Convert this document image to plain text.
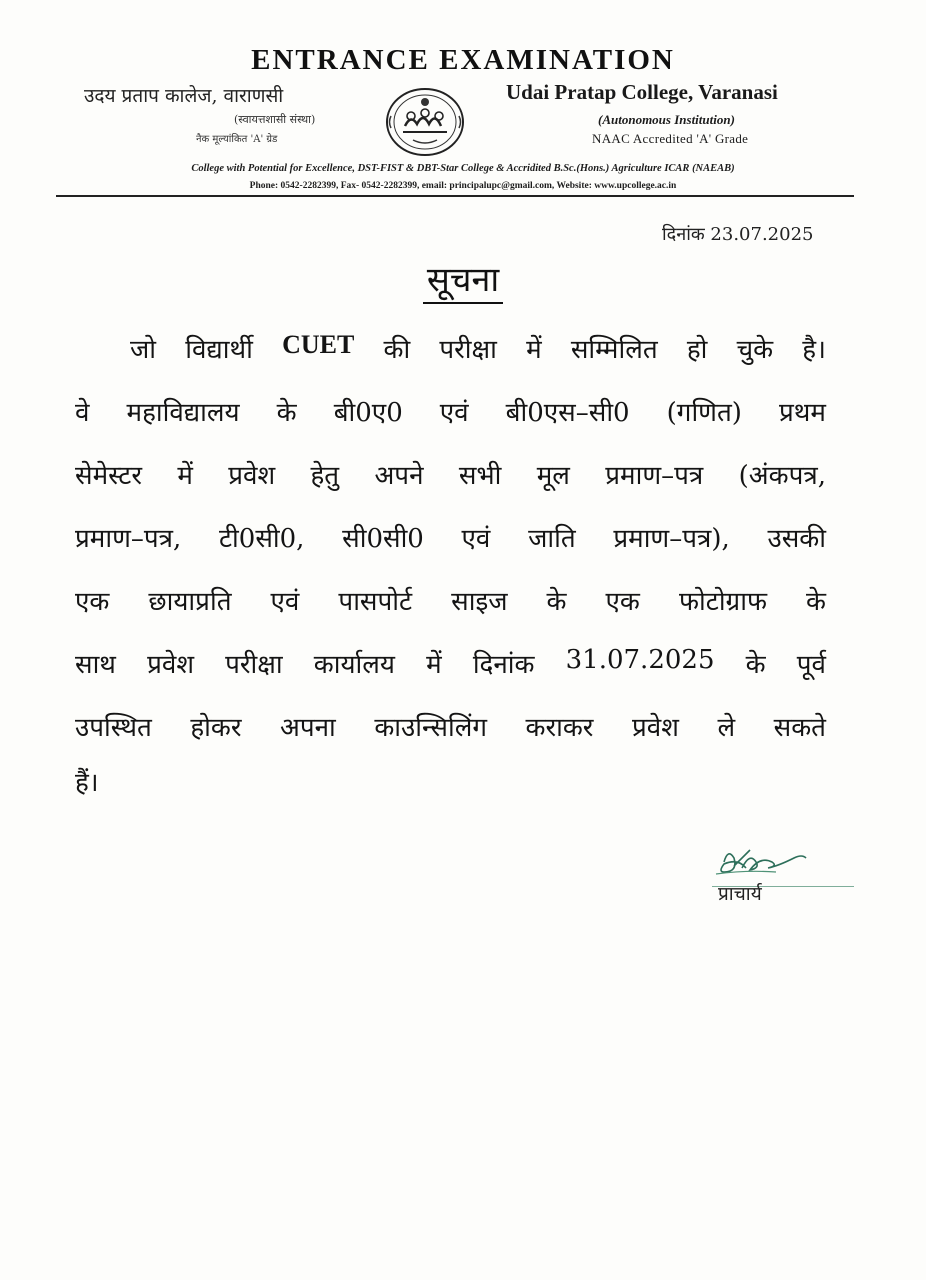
ENTRANCE EXAMINATION
उदय प्रताप कालेज, वाराणसी
(स्वायत्तशासी संस्था)
नैक मूल्यांकित 'A' ग्रेड
Udai Pratap College, Varanasi
(Autonomous Institution)
NAAC Accredited 'A' Grade
College with Potential for Excellence, DST-FIST & DBT-Star College & Accridited B.Sc.(Hons.) Agriculture ICAR (NAEAB)
Phone: 0542-2282399, Fax- 0542-2282399, email: principalupc@gmail.com, Website: www.upcollege.ac.in
दिनांक 23.07.2025
सूचना
जो विद्यार्थी CUET की परीक्षा में सम्मिलित हो चुके है।
वे महाविद्यालय के बी0ए0 एवं बी0एस–सी0 (गणित) प्रथम
सेमेस्टर में प्रवेश हेतु अपने सभी मूल प्रमाण–पत्र (अंकपत्र,
प्रमाण–पत्र, टी0सी0, सी0सी0 एवं जाति प्रमाण–पत्र), उसकी
एक छायाप्रति एवं पासपोर्ट साइज के एक फोटोग्राफ के
साथ प्रवेश परीक्षा कार्यालय में दिनांक 31.07.2025 के पूर्व
उपस्थित होकर अपना काउन्सिलिंग कराकर प्रवेश ले सकते
हैं।
प्राचार्य
